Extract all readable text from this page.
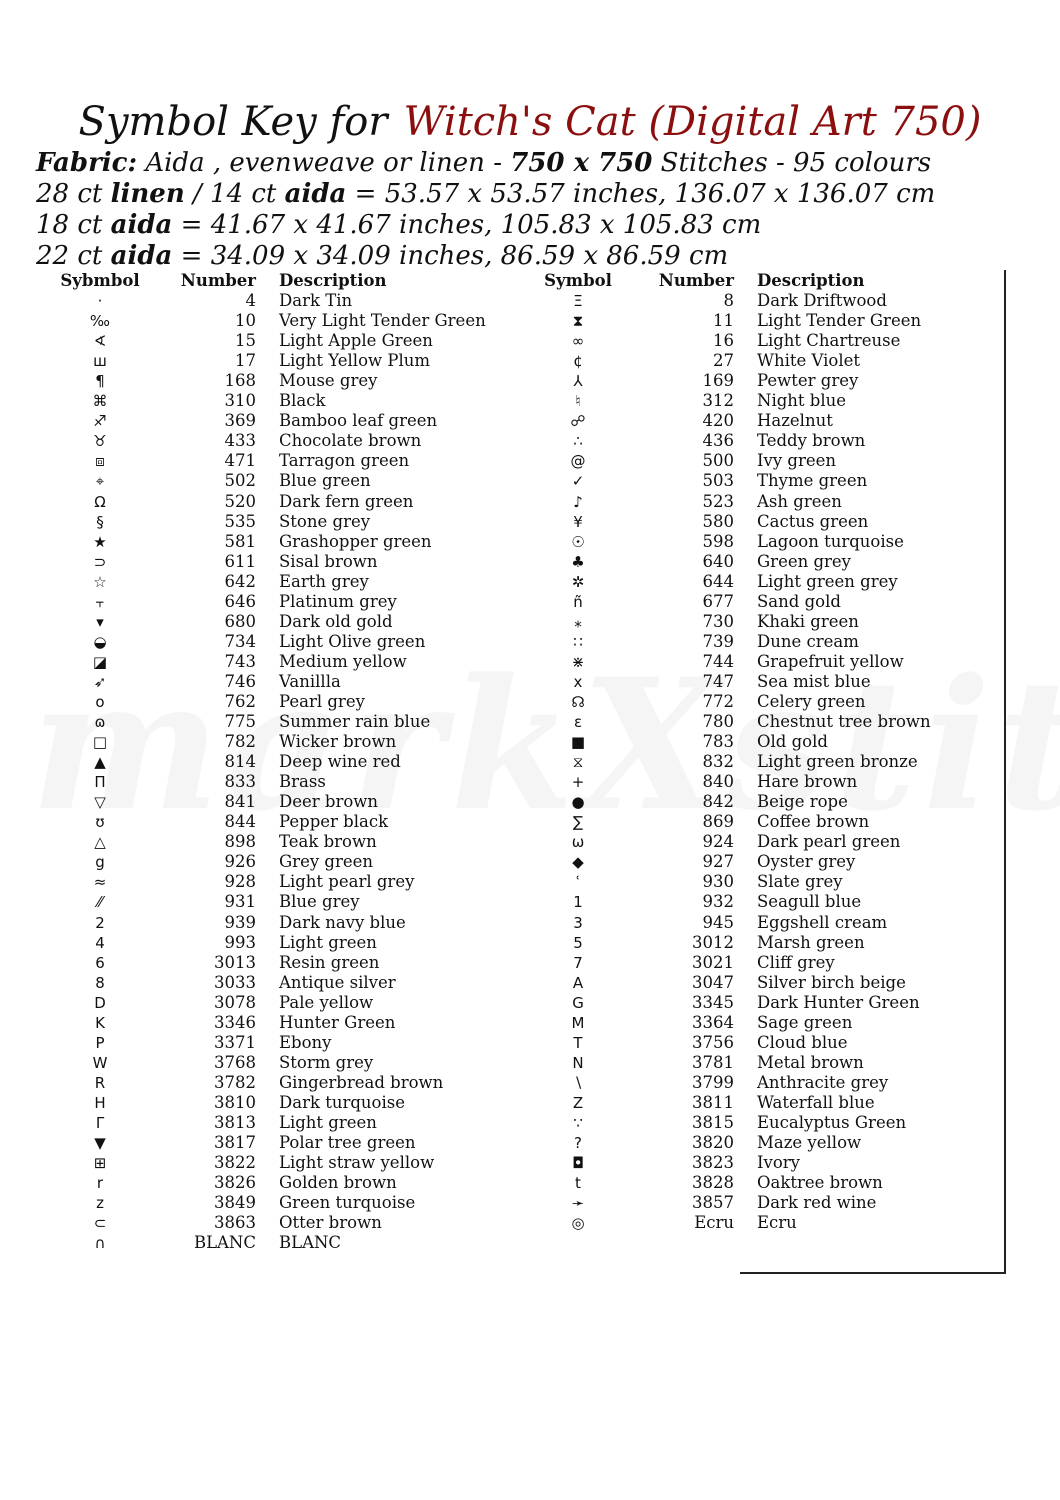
Symbol Key for Witch's Cat (Digital Art 750)
Fabric: Aida , evenweave or linen - 750 x 750 Stitches - 95 colours
28 ct linen / 14 ct aida = 53.57 x 53.57 inches, 136.07 x 136.07 cm
18 ct aida = 41.67 x 41.67 inches, 105.83 x 105.83 cm
22 ct aida = 34.09 x 34.09 inches, 86.59 x 86.59 cm
Sybmbol	Number Description
·	4 Dark Tin
‰	10 Very Light Tender Green
∢	15 Light Apple Green
ш	17 Light Yellow Plum
¶	168 Mouse grey
⌘	310 Black
♐	369 Bamboo leaf green
♉	433 Chocolate brown
⧈	471 Tarragon green
⌖	502 Blue green
Ω	520 Dark fern green
§	535 Stone grey
★	581 Grashopper green
⊃	611 Sisal brown
☆	642 Earth grey
⫟	646 Platinum grey
▾	680 Dark old gold
◒	734 Light Olive green
◪	743 Medium yellow
➶	746 Vanillla
o	762 Pearl grey
ɷ	775 Summer rain blue
□	782 Wicker brown
▲	814 Deep wine red
Π	833 Brass
▽	841 Deer brown
ʊ	844 Pepper black
△	898 Teak brown
g	926 Grey green
≈	928 Light pearl grey
⁄⁄	931 Blue grey
2	939 Dark navy blue
4	993 Light green
6	3013 Resin green
8	3033 Antique silver
D	3078 Pale yellow
K	3346 Hunter Green
P	3371 Ebony
W	3768 Storm grey
R	3782 Gingerbread brown
H	3810 Dark turquoise
Γ	3813 Light green
▼	3817 Polar tree green
⊞	3822 Light straw yellow
r	3826 Golden brown
z	3849 Green turquoise
⊂	3863 Otter brown
∩	BLANC BLANC
Symbol	Number Description
Ξ	8 Dark Driftwood
⧗	11 Light Tender Green
∞	16 Light Chartreuse
¢	27 White Violet
⅄	169 Pewter grey
♮	312 Night blue
☍	420 Hazelnut
∴	436 Teddy brown
@	500 Ivy green
✓	503 Thyme green
♪	523 Ash green
¥	580 Cactus green
☉	598 Lagoon turquoise
♣	640 Green grey
✲	644 Light green grey
ñ	677 Sand gold
⁎	730 Khaki green
∷	739 Dune cream
⋇	744 Grapefruit yellow
x	747 Sea mist blue
☊	772 Celery green
ɛ	780 Chestnut tree brown
■	783 Old gold
⧖	832 Light green bronze
+	840 Hare brown
●	842 Beige rope
∑	869 Coffee brown
ω	924 Dark pearl green
◆	927 Oyster grey
ʿ	930 Slate grey
1	932 Seagull blue
3	945 Eggshell cream
5	3012 Marsh green
7	3021 Cliff grey
A	3047 Silver birch beige
G	3345 Dark Hunter Green
M	3364 Sage green
T	3756 Cloud blue
N	3781 Metal brown
∖	3799 Anthracite grey
Z	3811 Waterfall blue
∵	3815 Eucalyptus Green
?	3820 Maze yellow
◘	3823 Ivory
t	3828 Oaktree brown
➛	3857 Dark red wine
◎	Ecru Ecru
